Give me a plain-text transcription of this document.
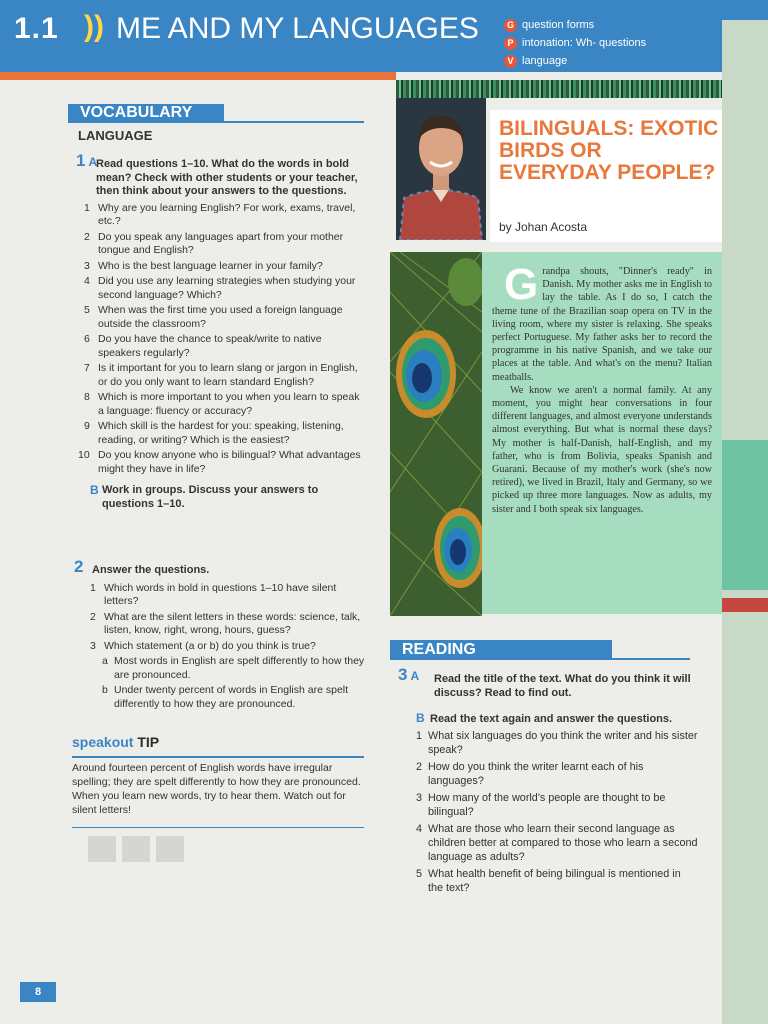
1.1 )) ME AND MY LANGUAGES	G question forms
P intonation: Wh- questions
V language
VOCABULARY
LANGUAGE
1 A
Read questions 1–10. What do the words in bold mean? Check with other students or your teacher, then think about your answers to the questions.
1 Why are you learning English? For work, exams, travel, etc.?
2 Do you speak any languages apart from your mother tongue and English?
3 Who is the best language learner in your family?
4 Did you use any learning strategies when studying your second language? Which?
5 When was the first time you used a foreign language outside the classroom?
6 Do you have the chance to speak/write to native speakers regularly?
7 Is it important for you to learn slang or jargon in English, or do you only want to learn standard English?
8 Which is more important to you when you learn to speak a language: fluency or accuracy?
9 Which skill is the hardest for you: speaking, listening, reading, or writing? Which is the easiest?
10 Do you know anyone who is bilingual? What advantages might they have in life?
B Work in groups. Discuss your answers to questions 1–10.
2 Answer the questions.
1 Which words in bold in questions 1–10 have silent letters?
2 What are the silent letters in these words: science, talk, listen, know, right, wrong, hours, guess?
3 Which statement (a or b) do you think is true?
a Most words in English are spelt differently to how they are pronounced.
b Under twenty percent of words in English are spelt differently to how they are pronounced.
speakout TIP
Around fourteen percent of English words have irregular spelling; they are spelt differently to how they are pronounced. When you learn new words, try to hear them. Watch out for silent letters!
8
BILINGUALS: EXOTIC BIRDS OR EVERYDAY PEOPLE?
by Johan Acosta
G randpa shouts, "Dinner's ready" in Danish. My mother asks me in English to lay the table. As I do so, I catch the theme tune of the Brazilian soap opera on TV in the living room, where my sister is relaxing. She speaks perfect Portuguese. My father asks her to record the programme in his native Spanish, and we take our places at the table. And what's on the menu? Italian meatballs.
We know we aren't a normal family. At any moment, you might hear conversations in four different languages, and almost everyone understands almost everything. But what is normal these days? My mother is half-Danish, half-English, and my father, who is from Bolivia, speaks Spanish and Guarani. Because of my mother's work (she's now retired), we lived in Brazil, Italy and Germany, so we picked up three more languages. Now as adults, my sister and I both speak six languages.
READING
3 A	Read the title of the text. What do you think it will discuss? Read to find out.
B Read the text again and answer the questions.
1 What six languages do you think the writer and his sister speak?
2 How do you think the writer learnt each of his languages?
3 How many of the world's people are thought to be bilingual?
4 What are those who learn their second language as children better at compared to those who learn a second language as adults?
5 What health benefit of being bilingual is mentioned in the text?
